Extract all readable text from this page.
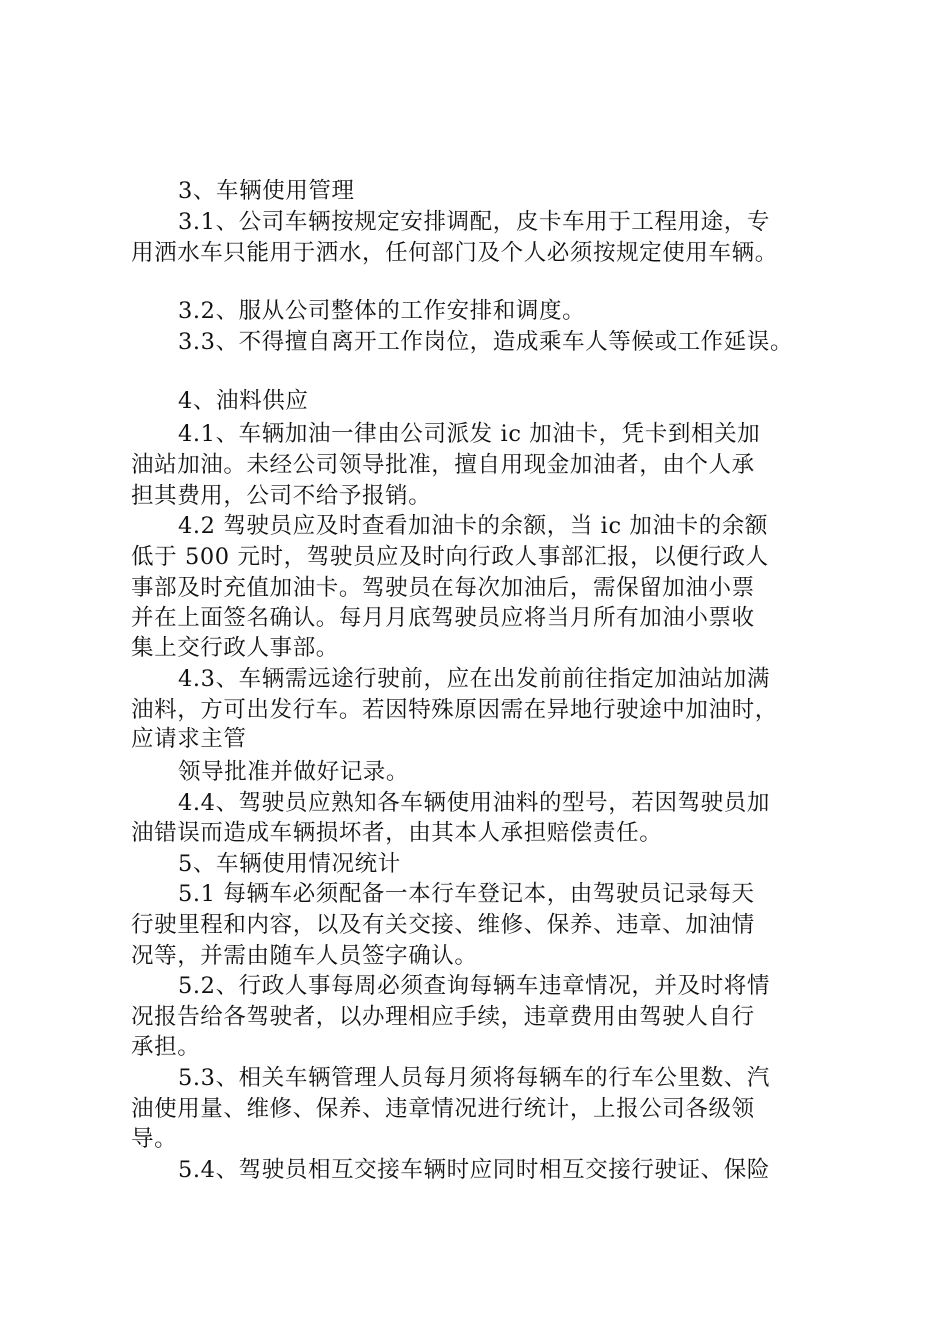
3、车辆使用管理
3.1、公司车辆按规定安排调配，皮卡车用于工程用途，专
用洒水车只能用于洒水，任何部门及个人必须按规定使用车辆。
3.2、服从公司整体的工作安排和调度。
3.3、不得擅自离开工作岗位，造成乘车人等候或工作延误。
4、油料供应
4.1、车辆加油一律由公司派发 ic 加油卡，凭卡到相关加
油站加油。未经公司领导批准，擅自用现金加油者，由个人承
担其费用，公司不给予报销。
4.2 驾驶员应及时查看加油卡的余额，当 ic 加油卡的余额
低于 500 元时，驾驶员应及时向行政人事部汇报，以便行政人
事部及时充值加油卡。驾驶员在每次加油后，需保留加油小票
并在上面签名确认。每月月底驾驶员应将当月所有加油小票收
集上交行政人事部。
4.3、车辆需远途行驶前，应在出发前前往指定加油站加满
油料，方可出发行车。若因特殊原因需在异地行驶途中加油时，
应请求主管
领导批准并做好记录。
4.4、驾驶员应熟知各车辆使用油料的型号，若因驾驶员加
油错误而造成车辆损坏者，由其本人承担赔偿责任。
5、车辆使用情况统计
5.1 每辆车必须配备一本行车登记本，由驾驶员记录每天
行驶里程和内容，以及有关交接、维修、保养、违章、加油情
况等，并需由随车人员签字确认。
5.2、行政人事每周必须查询每辆车违章情况，并及时将情
况报告给各驾驶者，以办理相应手续，违章费用由驾驶人自行
承担。
5.3、相关车辆管理人员每月须将每辆车的行车公里数、汽
油使用量、维修、保养、违章情况进行统计，上报公司各级领
导。
5.4、驾驶员相互交接车辆时应同时相互交接行驶证、保险
